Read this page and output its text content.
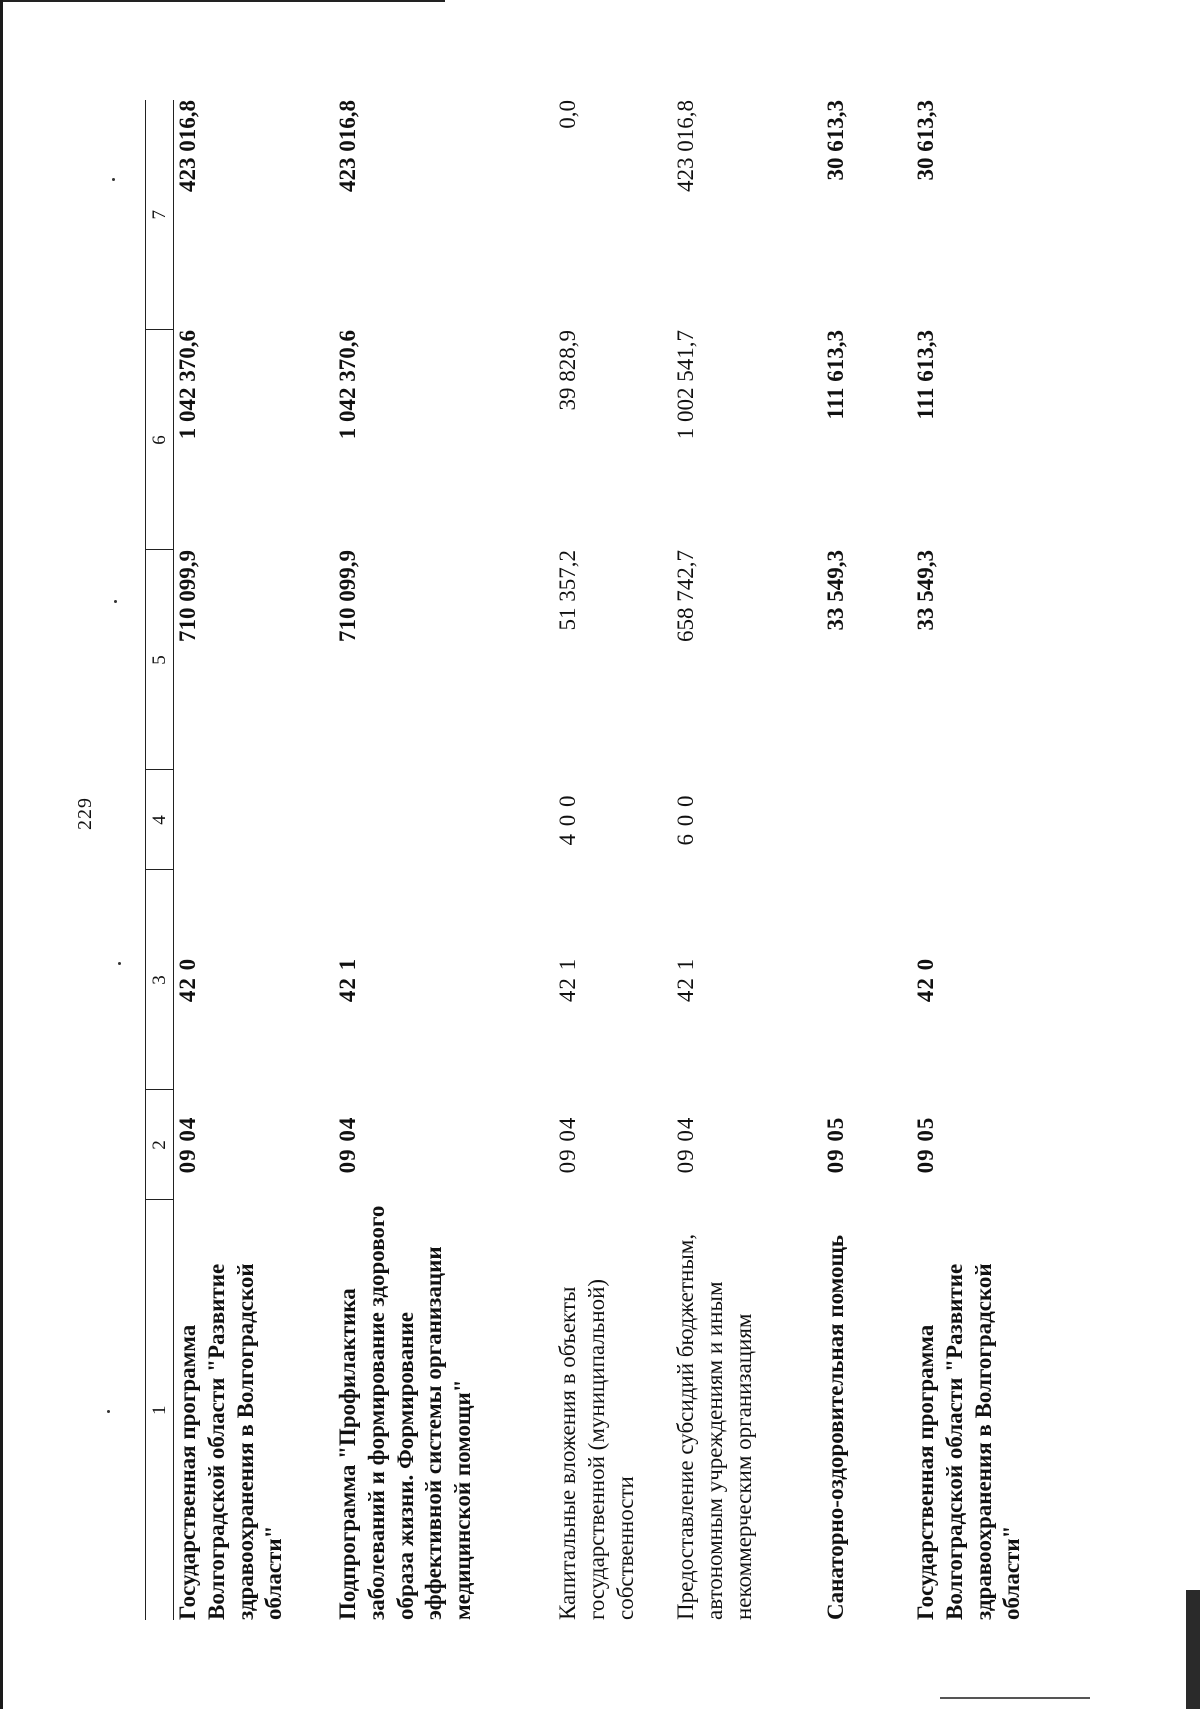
229
1	2	3	4	5	6	7
Государственная программа Волгоградской области "Развитие здравоохранения в Волгоградской области"	09 04	42 0		710 099,9	1 042 370,6	423 016,8
Подпрограмма "Профилактика заболеваний и формирование здорового образа жизни. Формирование эффективной системы организации медицинской помощи"	09 04	42 1		710 099,9	1 042 370,6	423 016,8
Капитальные вложения в объекты государственной (муниципальной) собственности	09 04	42 1	4 0 0	51 357,2	39 828,9	0,0
Предоставление субсидий бюджетным, автономным учреждениям и иным некоммерческим организациям	09 04	42 1	6 0 0	658 742,7	1 002 541,7	423 016,8
Санаторно-оздоровительная помощь	09 05			33 549,3	111 613,3	30 613,3
Государственная программа Волгоградской области "Развитие здравоохранения в Волгоградской области"	09 05	42 0		33 549,3	111 613,3	30 613,3
